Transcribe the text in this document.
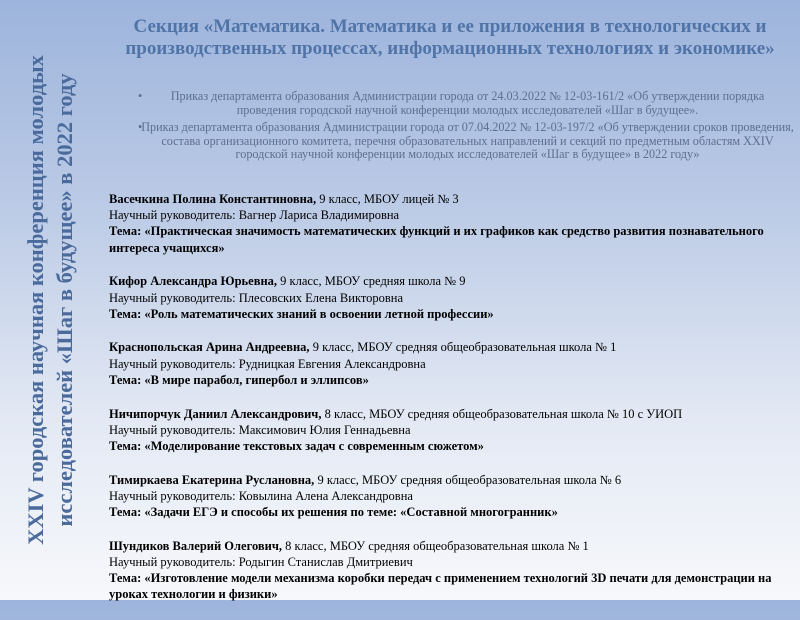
XXIV городская научная конференция молодых исследователей «Шаг в будущее» в 2022 году
Секция «Математика. Математика и ее приложения в технологических и производственных процессах, информационных технологиях и экономике»
• Приказ департамента образования Администрации города от 24.03.2022 № 12-03-161/2 «Об утверждении порядка проведения городской научной конференции молодых исследователей «Шаг в будущее».
•
Приказ департамента образования Администрации города от 07.04.2022 № 12-03-197/2 «Об утверждении сроков проведения, состава организационного комитета, перечня образовательных направлений и секций по предметным областям XXIV городской научной конференции молодых исследователей «Шаг в будущее» в 2022 году»
Васечкина Полина Константиновна, 9 класс, МБОУ лицей № 3
Научный руководитель: Вагнер Лариса Владимировна
Тема: «Практическая значимость математических функций и их графиков как средство развития познавательного интереса учащихся»
Кифор Александра Юрьевна, 9 класс, МБОУ средняя школа № 9
Научный руководитель: Плесовских Елена Викторовна
Тема: «Роль математических знаний в освоении летной профессии»
Краснопольская Арина Андреевна, 9 класс, МБОУ средняя общеобразовательная школа № 1
Научный руководитель: Рудницкая Евгения Александровна
Тема: «В мире парабол, гипербол и эллипсов»
Ничипорчук Даниил Александрович, 8 класс, МБОУ средняя общеобразовательная школа № 10 с УИОП
Научный руководитель: Максимович Юлия Геннадьевна
Тема: «Моделирование текстовых задач с современным сюжетом»
Тимиркаева Екатерина Руслановна, 9 класс, МБОУ средняя общеобразовательная школа № 6
Научный руководитель: Ковылина Алена Александровна
Тема: «Задачи ЕГЭ и способы их решения по теме: «Составной многогранник»
Шундиков Валерий Олегович, 8 класс, МБОУ средняя общеобразовательная школа № 1
Научный руководитель: Родыгин Станислав Дмитриевич
Тема: «Изготовление модели механизма коробки передач с применением технологий 3D печати для демонстрации на уроках технологии и физики»
